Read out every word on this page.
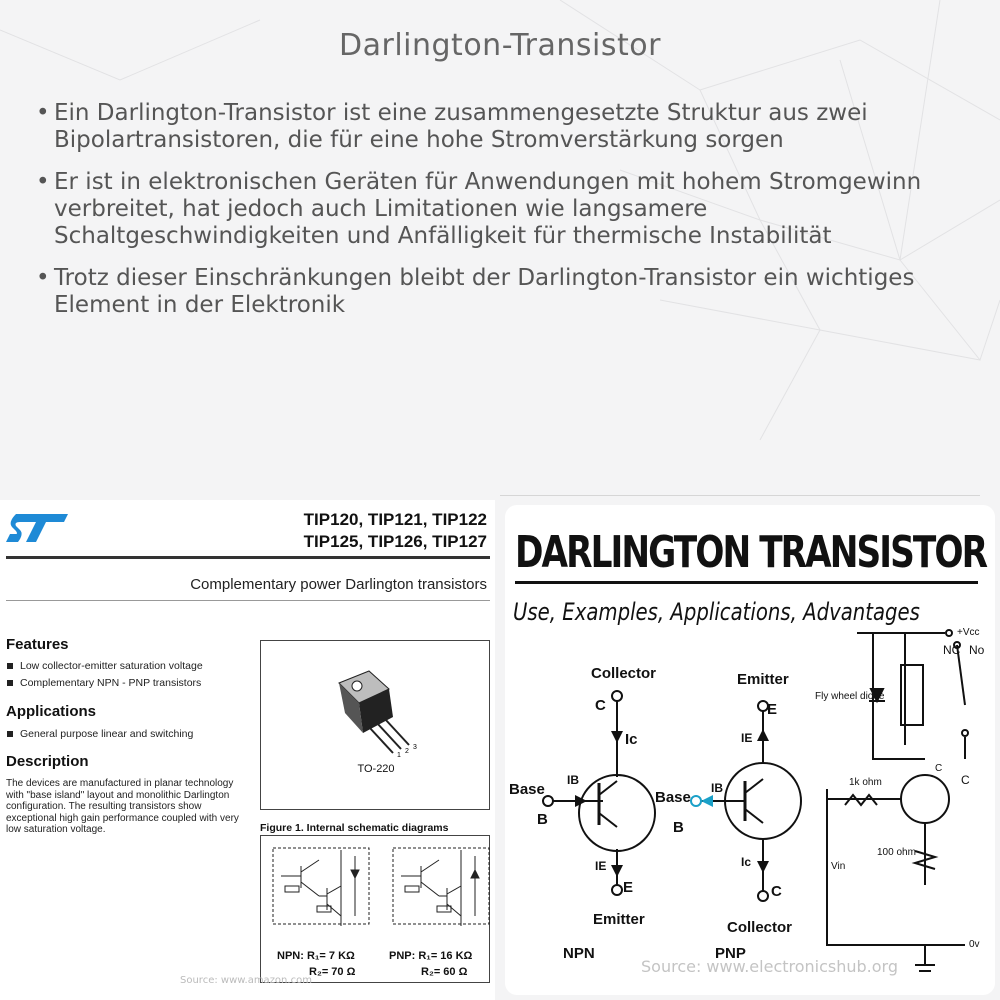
Darlington-Transistor
• Ein Darlington-Transistor ist eine zusammengesetzte Struktur aus zwei Bipolartransistoren, die für eine hohe Stromverstärkung sorgen
• Er ist in elektronischen Geräten für Anwendungen mit hohem Stromgewinn verbreitet, hat jedoch auch Limitationen wie langsamere Schaltgeschwindigkeiten und Anfälligkeit für thermische Instabilität
• Trotz dieser Einschränkungen bleibt der Darlington-Transistor ein wichtiges Element in der Elektronik
TIP120, TIP121, TIP122
TIP125, TIP126, TIP127
Complementary power Darlington transistors
Features
Low collector-emitter saturation voltage
Complementary NPN - PNP transistors
Applications
General purpose linear and switching
Description
The devices are manufactured in planar technology with "base island" layout and monolithic Darlington configuration. The resulting transistors show exceptional high gain performance coupled with very low saturation voltage.
1
2
3
TO-220
Figure 1. Internal schematic diagrams
NPN: R₁= 7 KΩ
R₂= 70 Ω
PNP: R₁= 16 KΩ
R₂= 60 Ω
Source: www.amazon.com
DARLINGTON TRANSISTOR
Use, Examples, Applications, Advantages
Collector
C
Ic
Base
B
IB
IE
E
Emitter
NPN
Emitter
E
IE
Base
B
IB
Ic
C
Collector
PNP
+Vcc
NC No
Fly wheel diode
1k ohm
100 ohm
Vin
0v
C
C
Source: www.electronicshub.org
